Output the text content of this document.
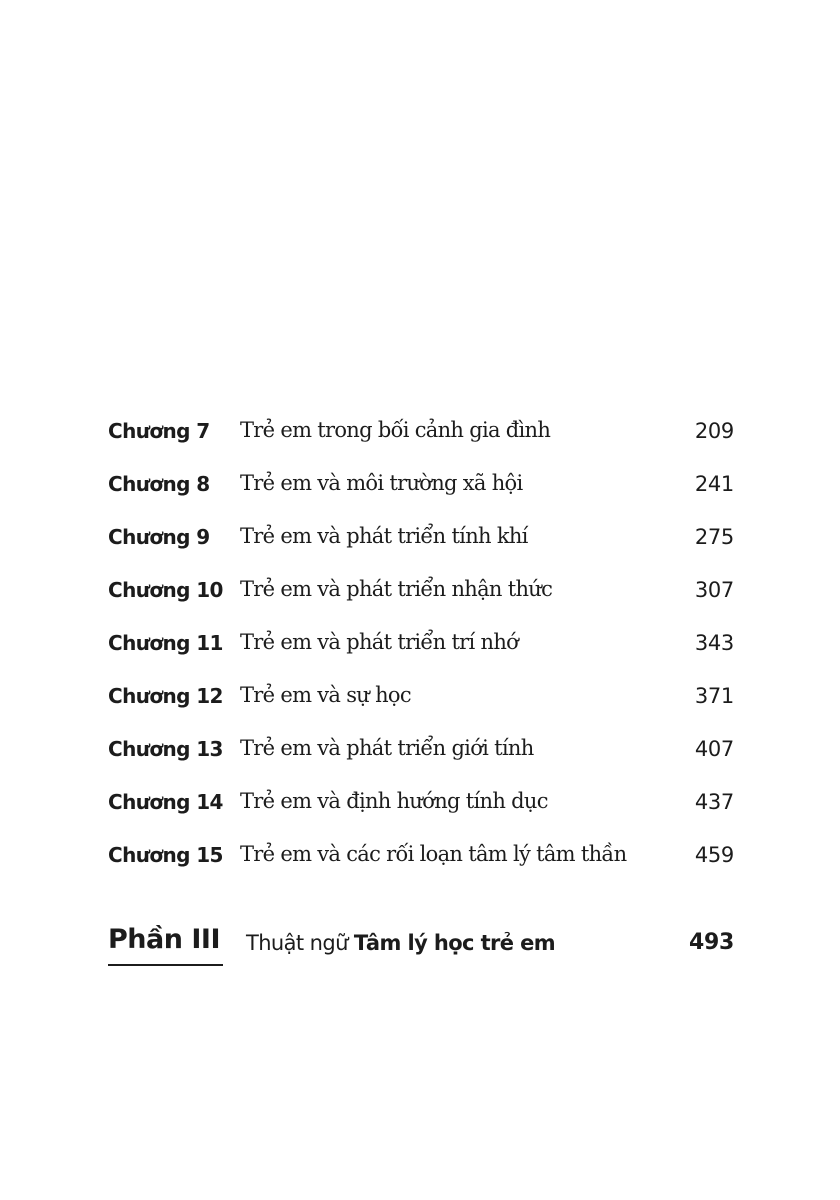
Chương 7 Trẻ em trong bối cảnh gia đình	209
Chương 8 Trẻ em và môi trường xã hội	241
Chương 9 Trẻ em và phát triển tính khí	275
Chương 10 Trẻ em và phát triển nhận thức	307
Chương 11 Trẻ em và phát triển trí nhớ	343
Chương 12 Trẻ em và sự học	371
Chương 13 Trẻ em và phát triển giới tính	407
Chương 14 Trẻ em và định hướng tính dục	437
Chương 15 Trẻ em và các rối loạn tâm lý tâm thần	459
Phần III Thuật ngữ Tâm lý học trẻ em	493
